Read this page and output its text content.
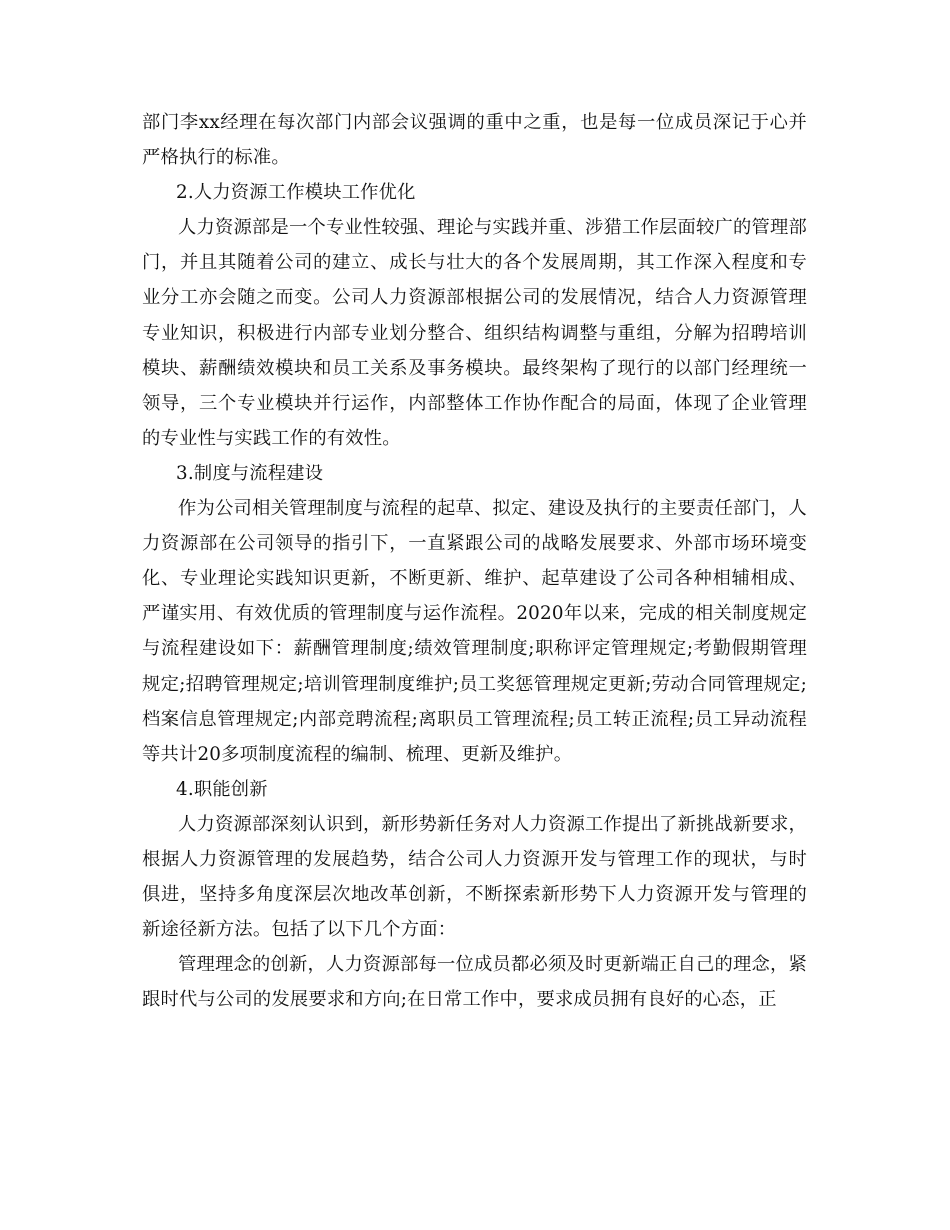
部门李xx经理在每次部门内部会议强调的重中之重，也是每一位成员深记于心并严格执行的标准。

2.人力资源工作模块工作优化

人力资源部是一个专业性较强、理论与实践并重、涉猎工作层面较广的管理部门，并且其随着公司的建立、成长与壮大的各个发展周期，其工作深入程度和专业分工亦会随之而变。公司人力资源部根据公司的发展情况，结合人力资源管理专业知识，积极进行内部专业划分整合、组织结构调整与重组，分解为招聘培训模块、薪酬绩效模块和员工关系及事务模块。最终架构了现行的以部门经理统一领导，三个专业模块并行运作，内部整体工作协作配合的局面，体现了企业管理的专业性与实践工作的有效性。

3.制度与流程建设

作为公司相关管理制度与流程的起草、拟定、建设及执行的主要责任部门，人力资源部在公司领导的指引下，一直紧跟公司的战略发展要求、外部市场环境变化、专业理论实践知识更新，不断更新、维护、起草建设了公司各种相辅相成、严谨实用、有效优质的管理制度与运作流程。2020年以来，完成的相关制度规定与流程建设如下：薪酬管理制度;绩效管理制度;职称评定管理规定;考勤假期管理规定;招聘管理规定;培训管理制度维护;员工奖惩管理规定更新;劳动合同管理规定;档案信息管理规定;内部竞聘流程;离职员工管理流程;员工转正流程;员工异动流程等共计20多项制度流程的编制、梳理、更新及维护。

4.职能创新

人力资源部深刻认识到，新形势新任务对人力资源工作提出了新挑战新要求，根据人力资源管理的发展趋势，结合公司人力资源开发与管理工作的现状，与时俱进，坚持多角度深层次地改革创新，不断探索新形势下人力资源开发与管理的新途径新方法。包括了以下几个方面：

管理理念的创新，人力资源部每一位成员都必须及时更新端正自己的理念，紧跟时代与公司的发展要求和方向;在日常工作中，要求成员拥有良好的心态，正
